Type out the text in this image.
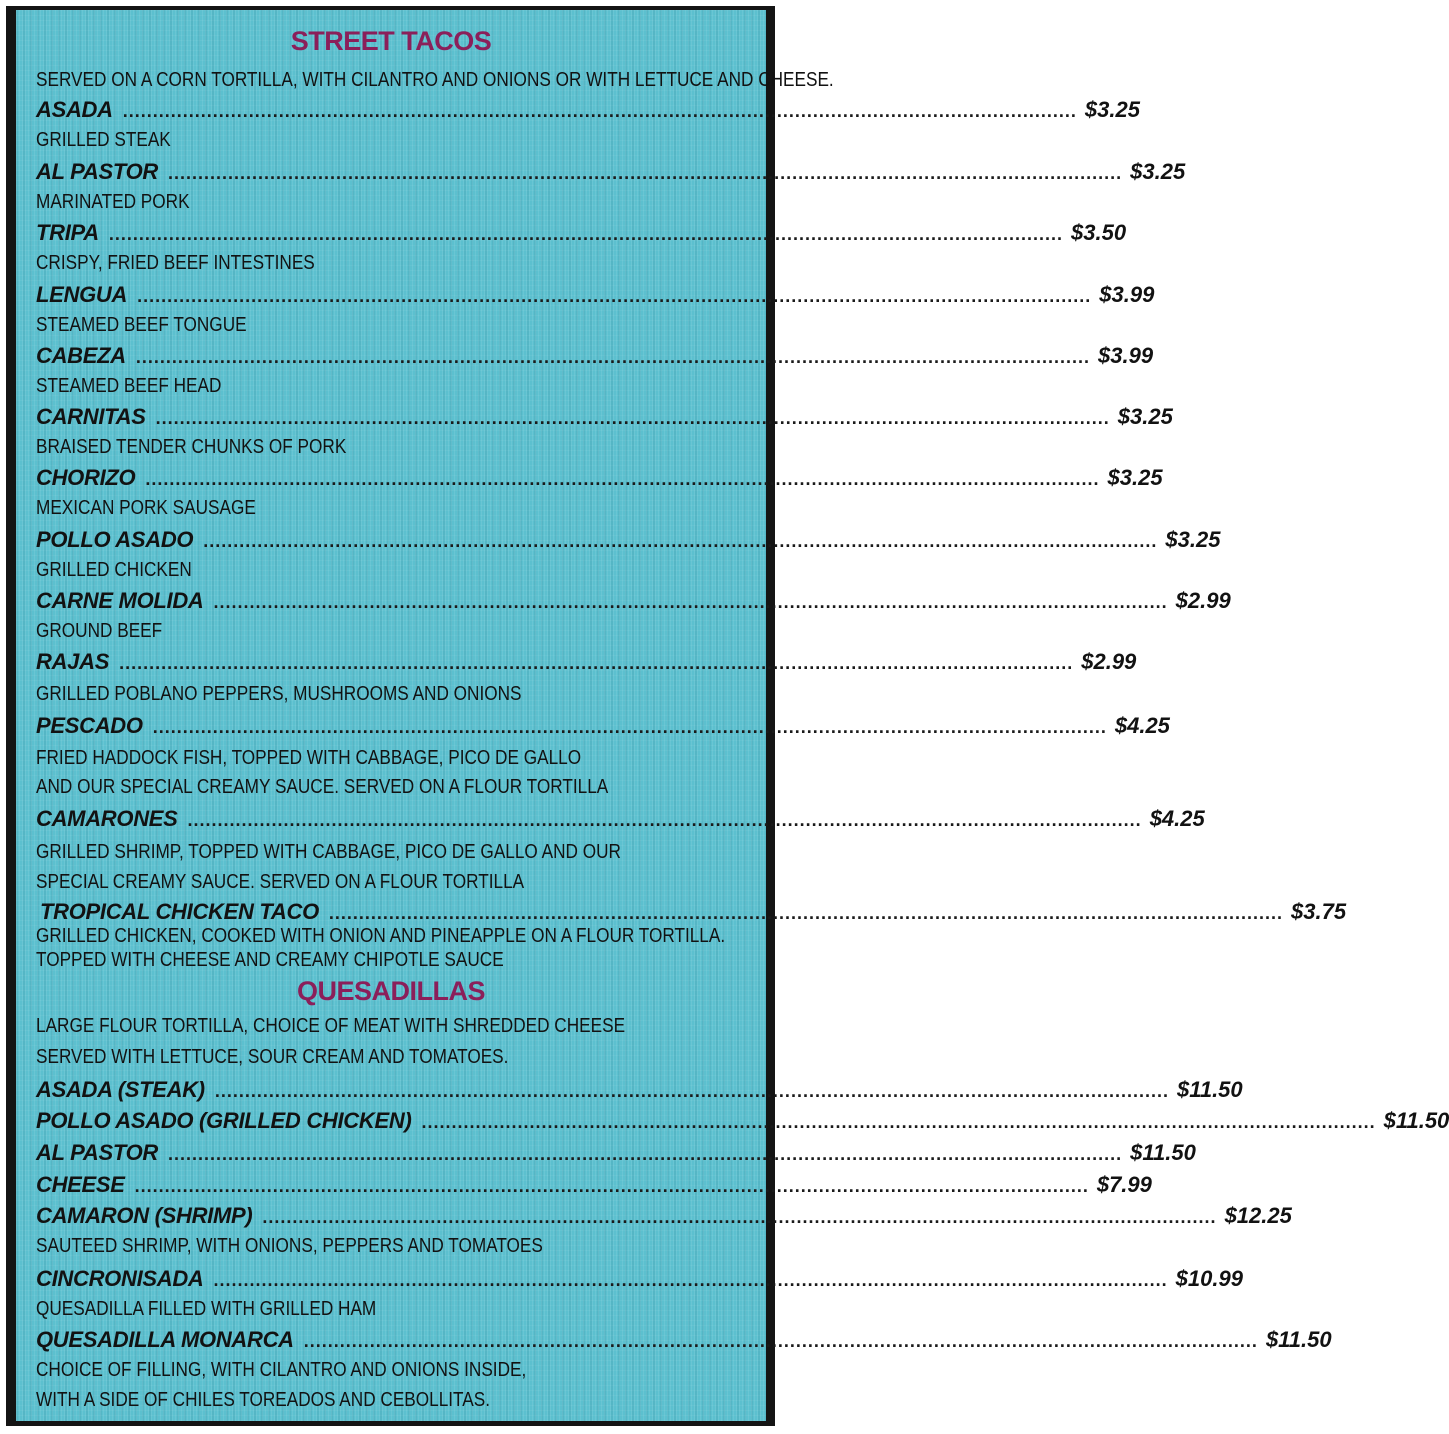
STREET TACOS
SERVED ON A CORN TORTILLA, WITH CILANTRO AND ONIONS OR WITH LETTUCE AND CHEESE.
ASADA ............................................................................................................................................................... $3.25
GRILLED STEAK
AL PASTOR ............................................................................................................................................................... $3.25
MARINATED PORK
TRIPA ............................................................................................................................................................... $3.50
CRISPY, FRIED BEEF INTESTINES
LENGUA ............................................................................................................................................................... $3.99
STEAMED BEEF TONGUE
CABEZA ............................................................................................................................................................... $3.99
STEAMED BEEF HEAD
CARNITAS ............................................................................................................................................................... $3.25
BRAISED TENDER CHUNKS OF PORK
CHORIZO ............................................................................................................................................................... $3.25
MEXICAN PORK SAUSAGE
POLLO ASADO ............................................................................................................................................................... $3.25
GRILLED CHICKEN
CARNE MOLIDA ............................................................................................................................................................... $2.99
GROUND BEEF
RAJAS ............................................................................................................................................................... $2.99
GRILLED POBLANO PEPPERS, MUSHROOMS AND ONIONS
PESCADO ............................................................................................................................................................... $4.25
FRIED HADDOCK FISH, TOPPED WITH CABBAGE, PICO DE GALLO
AND OUR SPECIAL CREAMY SAUCE. SERVED ON A FLOUR TORTILLA
CAMARONES ............................................................................................................................................................... $4.25
GRILLED SHRIMP, TOPPED WITH CABBAGE, PICO DE GALLO AND OUR
SPECIAL CREAMY SAUCE. SERVED ON A FLOUR TORTILLA
TROPICAL CHICKEN TACO ............................................................................................................................................................... $3.75
GRILLED CHICKEN, COOKED WITH ONION AND PINEAPPLE ON A FLOUR TORTILLA.
TOPPED WITH CHEESE AND CREAMY CHIPOTLE SAUCE
QUESADILLAS
LARGE FLOUR TORTILLA, CHOICE OF MEAT WITH SHREDDED CHEESE
SERVED WITH LETTUCE, SOUR CREAM AND TOMATOES.
ASADA (STEAK) ............................................................................................................................................................... $11.50
POLLO ASADO (GRILLED CHICKEN) ............................................................................................................................................................... $11.50
AL PASTOR ............................................................................................................................................................... $11.50
CHEESE ............................................................................................................................................................... $7.99
CAMARON (SHRIMP) ............................................................................................................................................................... $12.25
SAUTEED SHRIMP, WITH ONIONS, PEPPERS AND TOMATOES
CINCRONISADA ............................................................................................................................................................... $10.99
QUESADILLA FILLED WITH GRILLED HAM
QUESADILLA MONARCA ............................................................................................................................................................... $11.50
CHOICE OF FILLING, WITH CILANTRO AND ONIONS INSIDE,
WITH A SIDE OF CHILES TOREADOS AND CEBOLLITAS.
